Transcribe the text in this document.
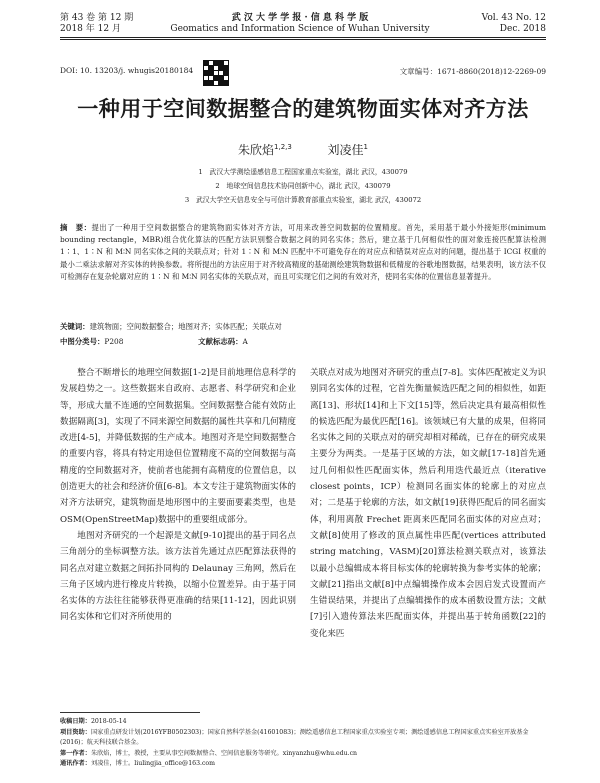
第 43 卷 第 12 期
2018 年 12 月
武 汉 大 学 学 报 · 信 息 科 学 版
Geomatics and Information Science of Wuhan University
Vol. 43 No. 12
Dec. 2018
DOI: 10. 13203/j. whugis20180184	文章编号：1671-8860(2018)12-2269-09
一种用于空间数据整合的建筑物面实体对齐方法
朱欣焰$^{1,2,3}$	刘凌佳$^1$
1　武汉大学测绘遥感信息工程国家重点实验室，湖北 武汉，430079
2　地球空间信息技术协同创新中心，湖北 武汉，430079
3　武汉大学空天信息安全与可信计算教育部重点实验室，湖北 武汉，430072
摘　要：提出了一种用于空间数据整合的建筑物面实体对齐方法，可用来改善空间数据的位置精度。首先，采用基于最小外接矩形(minimum bounding rectangle，MBR)组合优化算法的匹配方法识别整合数据之间的同名实体；然后，建立基于几何相似性的面对象连接匹配算法检测 1∶1、1∶N 和 M∶N 同名实体之间的关联点对；针对 1∶N 和 M∶N 匹配中不可避免存在的对应点和错误对应点对的问题，提出基于 ICGI 权重的最小二乘法求解对齐实体的转换参数。将所提出的方法应用于对齐较高精度的基础测绘建筑物数据和低精度的谷歌地图数据，结果表明，该方法不仅可检测存在复杂轮廓对应的 1∶N 和 M∶N 同名实体的关联点对，而且可实现它们之间的有效对齐，使同名实体的位置信息显著提升。
关键词：建筑物面；空间数据整合；地图对齐；实体匹配；关联点对
中图分类号：P208	文献标志码：A

整合不断增长的地理空间数据[1-2]是目前地理信息科学的发展趋势之一。这些数据来自政府、志愿者、科学研究和企业等，形成大量不连通的空间数据集。空间数据整合能有效防止数据隔离[3]，实现了不同来源空间数据的属性共享和几何精度改进[4-5]，并降低数据的生产成本。地图对齐是空间数据整合的重要内容，将具有特定用途但位置精度不高的空间数据与高精度的空间数据对齐，使前者也能拥有高精度的位置信息，以创造更大的社会和经济价值[6-8]。本文专注于建筑物面实体的对齐方法研究，建筑物面是地形图中的主要面要素类型，也是 OSM(OpenStreetMap)数据中的重要组成部分。

地图对齐研究的一个起源是文献[9-10]提出的基于同名点三角剖分的坐标调整方法。该方法首先通过点匹配算法获得的同名点对建立数据之间拓扑同构的 Delaunay 三角网，然后在三角子区域内进行橡皮片转换，以缩小位置差异。由于基于同名实体的方法往往能够获得更准确的结果[11-12]，因此识别同名实体和它们对齐所使用的

关联点对成为地图对齐研究的重点[7-8]。实体匹配被定义为识别同名实体的过程，它首先衡量候选匹配之间的相似性，如距离[13]、形状[14]和上下文[15]等，然后决定具有最高相似性的候选匹配为最优匹配[16]。该领域已有大量的成果，但将同名实体之间的关联点对的研究却相对稀疏，已存在的研究成果主要分为两类。一是基于区域的方法，如文献[17-18]首先通过几何相似性匹配面实体，然后利用迭代最近点（iterative closest points，ICP）检测同名面实体的轮廓上的对应点对；二是基于轮廓的方法，如文献[19]获得匹配后的同名面实体，利用离散 Frechet 距离来匹配同名面实体的对应点对；文献[8]使用了修改的顶点属性串匹配(vertices attributed string matching，VASM)[20]算法检测关联点对，该算法以最小总编辑成本将目标实体的轮廓转换为参考实体的轮廓；文献[21]指出文献[8]中点编辑操作成本会因启发式设置而产生错误结果，并提出了点编辑操作的成本函数设置方法；文献[7]引入遗传算法来匹配面实体，并提出基于转角函数[22]的变化来匹

收稿日期：2018-05-14
项目资助：国家重点研发计划(2016YFB0502303)；国家自然科学基金(41601083)；测绘遥感信息工程国家重点实验室专项；测绘遥感信息工程国家重点实验室开放基金(2016)；航天科技联合基金。
第一作者：朱欣焰，博士，教授，主要从事空间数据整合、空间信息服务等研究。xinyanzhu@whu.edu.cn
通讯作者：刘凌佳，博士。liulingjia_office@163.com
